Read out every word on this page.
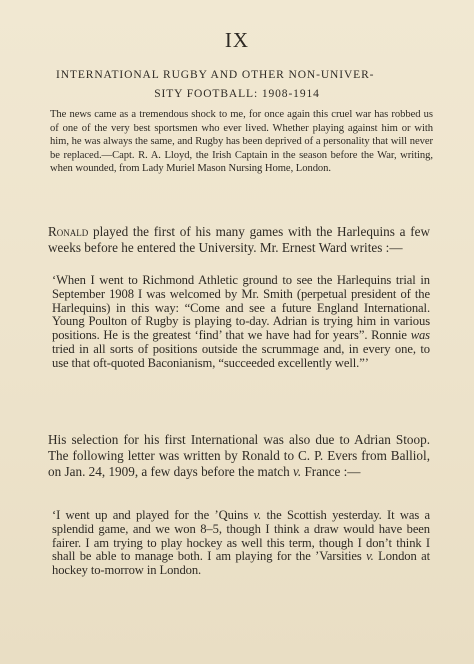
IX
INTERNATIONAL RUGBY AND OTHER NON-UNIVER-
SITY FOOTBALL: 1908-1914

The news came as a tremendous shock to me, for once again this cruel war has robbed us of one of the very best sportsmen who ever lived. Whether playing against him or with him, he was always the same, and Rugby has been deprived of a personality that will never be replaced.—Capt. R. A. Lloyd, the Irish Captain in the season before the War, writing, when wounded, from Lady Muriel Mason Nursing Home, London.

Ronald played the first of his many games with the Harlequins a few weeks before he entered the University. Mr. Ernest Ward writes :—

‘When I went to Richmond Athletic ground to see the Harlequins trial in September 1908 I was welcomed by Mr. Smith (perpetual president of the Harlequins) in this way: “Come and see a future England International. Young Poulton of Rugby is playing to-day. Adrian is trying him in various positions. He is the greatest ‘find’ that we have had for years”. Ronnie was tried in all sorts of positions outside the scrummage and, in every one, to use that oft-quoted Baconianism, “succeeded excellently well.”’

His selection for his first International was also due to Adrian Stoop. The following letter was written by Ronald to C. P. Evers from Balliol, on Jan. 24, 1909, a few days before the match v. France :—

‘I went up and played for the ’Quins v. the Scottish yesterday. It was a splendid game, and we won 8–5, though I think a draw would have been fairer. I am trying to play hockey as well this term, though I don’t think I shall be able to manage both. I am playing for the ’Varsities v. London at hockey to-morrow in London.
